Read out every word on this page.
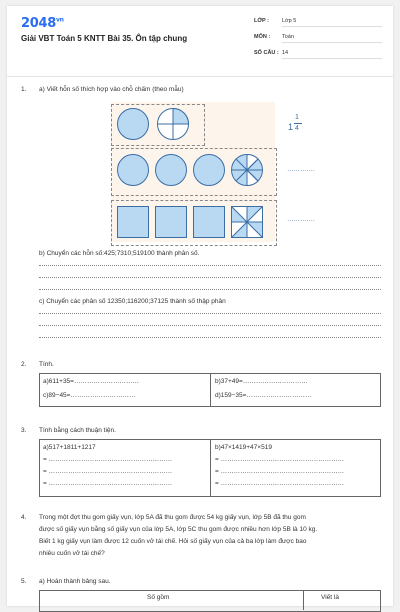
$2048^{vn}$
Giải VBT Toán 5 KNTT Bài 35. Ôn tập chung
LỚP : Lớp 5
MÔN : Toán
SỐ CÂU : 14
1. a) Viết hỗn số thích hợp vào chỗ chấm (theo mẫu)
1
1
4
………….
………….
b) Chuyển các hỗn số:425;7310;519100 thành phân số.
c) Chuyển các phân số 12350;116200;37125 thành số thập phân
2. Tính.
a)611+35=…………………………	b)37+49=…………………………
c)89−45=…………………………	d)159−35=…………………………
3. Tính bằng cách thuận tiện.
a)517+1811+1217
= …………………………………………………
= …………………………………………………
= …………………………………………………
b)47×1419+47×519
= …………………………………………………
= …………………………………………………
= …………………………………………………
4. Trong một đợt thu gom giấy vụn, lớp 5A đã thu gom được 54 kg giấy vụn, lớp 5B đã thu gom
được số giấy vụn bằng số giấy vụn của lớp 5A, lớp 5C thu gom được nhiều hơn lớp 5B là 10 kg.
Biết 1 kg giấy vụn làm được 12 cuốn vở tái chế. Hỏi số giấy vụn của cả ba lớp làm được bao
nhiêu cuốn vở tái chế?
5. a) Hoàn thành bảng sau.
Số gồm	Viết là
